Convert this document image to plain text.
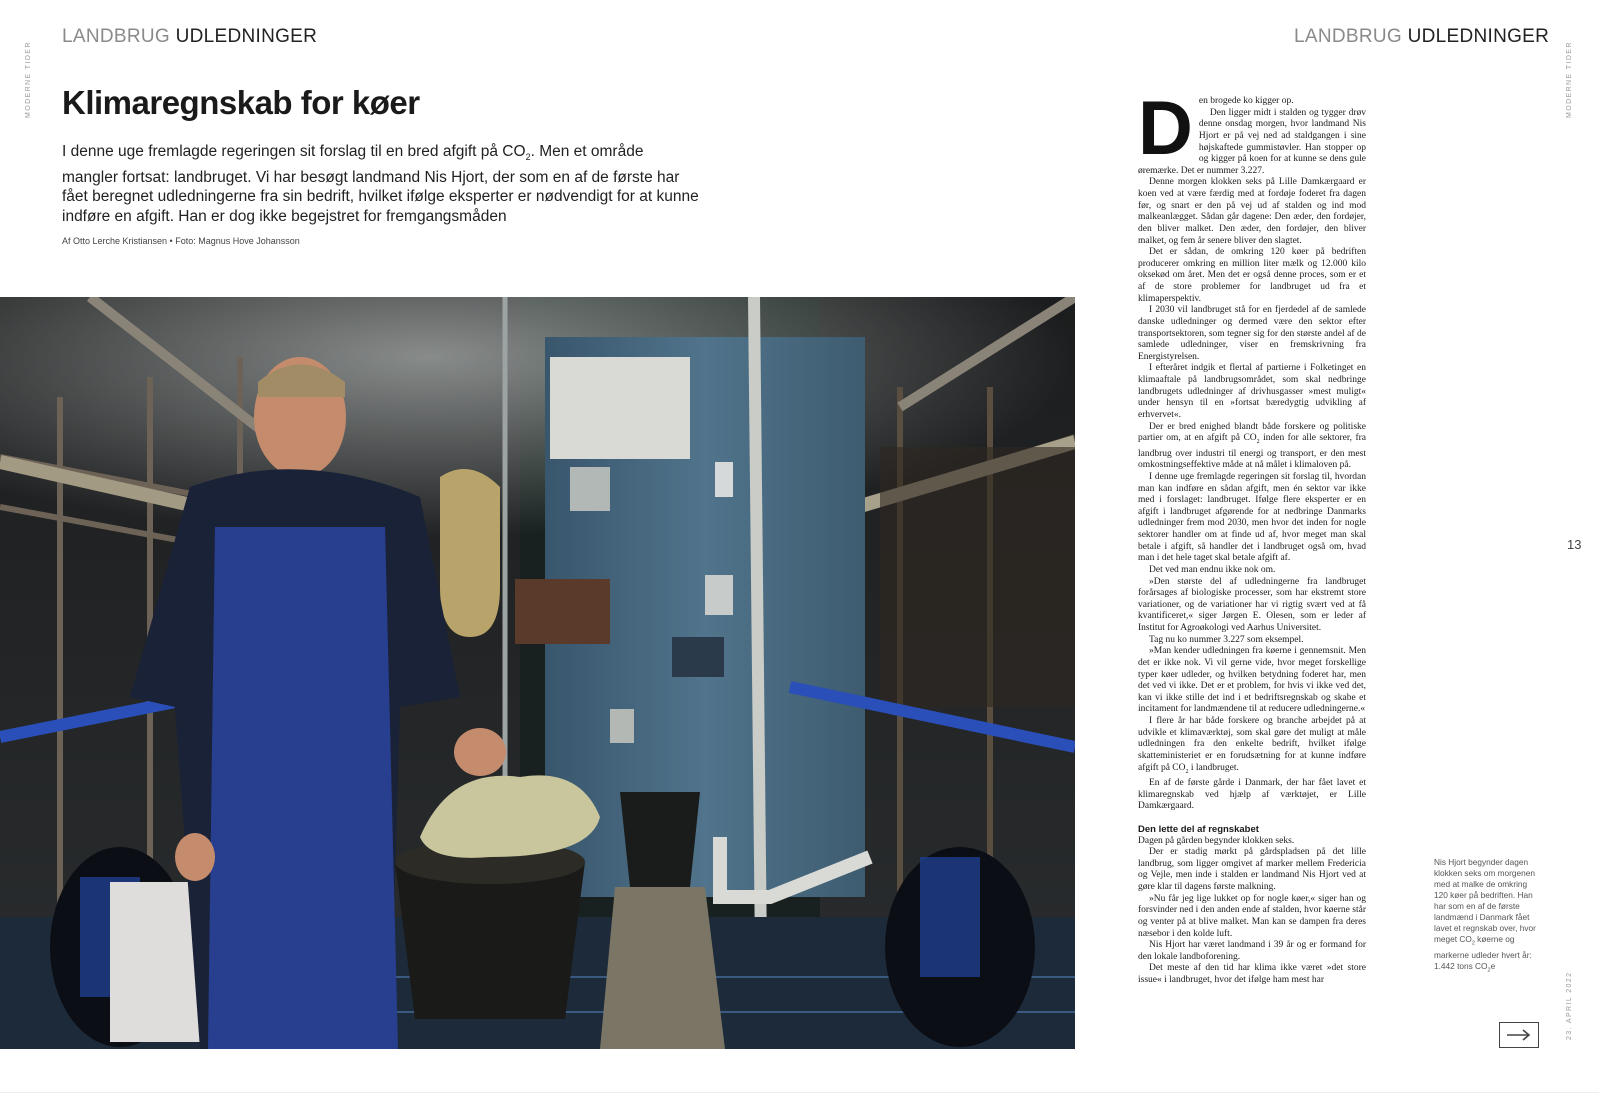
LANDBRUG UDLEDNINGER	LANDBRUG UDLEDNINGER
MODERNE TIDER	MODERNE TIDER
23. APRIL 2022
Klimaregnskab for køer

I denne uge fremlagde regeringen sit forslag til en bred afgift på $CO_2$. Men et område mangler fortsat: landbruget. Vi har besøgt landmand Nis Hjort, der som en af de første har fået beregnet udledningerne fra sin bedrift, hvilket ifølge eksperter er nødvendigt for at kunne indføre en afgift. Han er dog ikke begejstret for fremgangsmåden

Af Otto Lerche Kristiansen • Foto: Magnus Hove Johansson
D en brogede ko kigger op.

Den ligger midt i stalden og tygger drøv denne onsdag morgen, hvor landmand Nis Hjort er på vej ned ad staldgangen i sine højskaftede gummistøvler. Han stopper op og kigger på koen for at kunne se dens gule øremærke. Det er nummer 3.227.

Denne morgen klokken seks på Lille Damkærgaard er koen ved at være færdig med at fordøje foderet fra dagen før, og snart er den på vej ud af stalden og ind mod malkeanlægget. Sådan går dagene: Den æder, den fordøjer, den bliver malket. Den æder, den fordøjer, den bliver malket, og fem år senere bliver den slagtet.

Det er sådan, de omkring 120 køer på bedriften producerer omkring en million liter mælk og 12.000 kilo oksekød om året. Men det er også denne proces, som er et af de store problemer for landbruget ud fra et klimaperspektiv.

I 2030 vil landbruget stå for en fjerdedel af de samlede danske udledninger og dermed være den sektor efter transportsektoren, som tegner sig for den største andel af de samlede udledninger, viser en fremskrivning fra Energistyrelsen.

I efteråret indgik et flertal af partierne i Folketinget en klimaaftale på landbrugsområdet, som skal nedbringe landbrugets udledninger af drivhusgasser »mest muligt« under hensyn til en »fortsat bæredygtig udvikling af erhvervet«.

Der er bred enighed blandt både forskere og politiske partier om, at en afgift på $CO_2$ inden for alle sektorer, fra landbrug over industri til energi og transport, er den mest omkostningseffektive måde at nå målet i klimaloven på.

I denne uge fremlagde regeringen sit forslag til, hvordan man kan indføre en sådan afgift, men én sektor var ikke med i forslaget: landbruget. Ifølge flere eksperter er en afgift i landbruget afgørende for at nedbringe Danmarks udledninger frem mod 2030, men hvor det inden for nogle sektorer handler om at finde ud af, hvor meget man skal betale i afgift, så handler det i landbruget også om, hvad man i det hele taget skal betale afgift af.

Det ved man endnu ikke nok om.

»Den største del af udledningerne fra landbruget forårsages af biologiske processer, som har ekstremt store variationer, og de variationer har vi rigtig svært ved at få kvantificeret,« siger Jørgen E. Olesen, som er leder af Institut for Agroøkologi ved Aarhus Universitet.

Tag nu ko nummer 3.227 som eksempel.

»Man kender udledningen fra køerne i gennemsnit. Men det er ikke nok. Vi vil gerne vide, hvor meget forskellige typer køer udleder, og hvilken betydning foderet har, men det ved vi ikke. Det er et problem, for hvis vi ikke ved det, kan vi ikke stille det ind i et bedriftsregnskab og skabe et incitament for landmændene til at reducere udledningerne.«

I flere år har både forskere og branche arbejdet på at udvikle et klimaværktøj, som skal gøre det muligt at måle udledningen fra den enkelte bedrift, hvilket ifølge skatteministeriet er en forudsætning for at kunne indføre afgift på $CO_2$ i landbruget.

En af de første gårde i Danmark, der har fået lavet et klimaregnskab ved hjælp af værktøjet, er Lille Damkærgaard.

Den lette del af regnskabet

Dagen på gården begynder klokken seks.

Der er stadig mørkt på gårdspladsen på det lille landbrug, som ligger omgivet af marker mellem Fredericia og Vejle, men inde i stalden er landmand Nis Hjort ved at gøre klar til dagens første malkning.

»Nu får jeg lige lukket op for nogle køer,« siger han og forsvinder ned i den anden ende af stalden, hvor køerne står og venter på at blive malket. Man kan se dampen fra deres næsebor i den kolde luft.

Nis Hjort har været landmand i 39 år og er formand for den lokale landboforening.

Det meste af den tid har klima ikke været »det store issue« i landbruget, hvor det ifølge ham mest har

13
Nis Hjort begynder dagen klokken seks om morgenen med at malke de omkring 120 køer på bedriften. Han har som en af de første landmænd i Danmark fået lavet et regnskab over, hvor meget $CO_2$ køerne og markerne udleder hvert år: 1.442 tons $CO_2e$
